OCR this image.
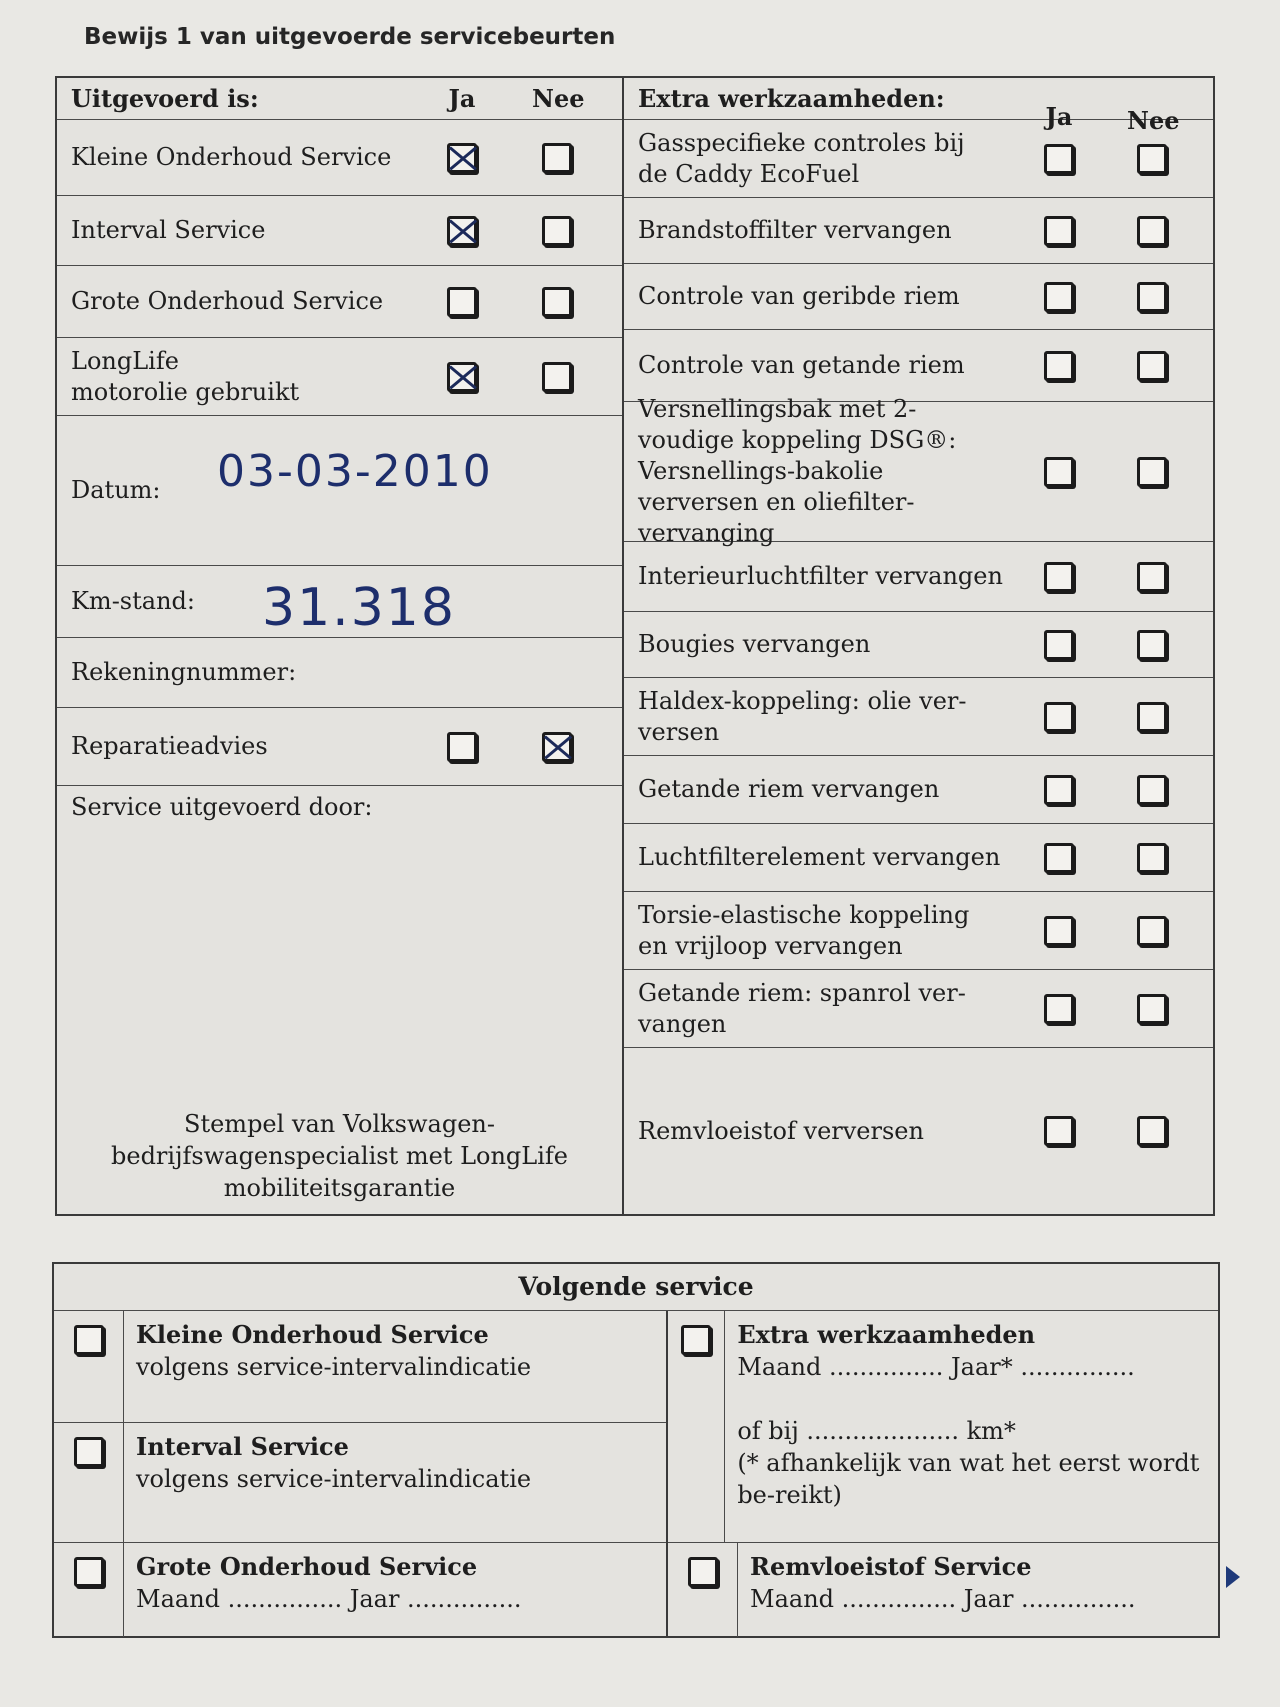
Bewijs 1 van uitgevoerde servicebeurten
Uitgevoerd is:	Ja	Nee
Kleine Onderhoud Service
Interval Service
Grote Onderhoud Service
LongLife motorolie gebruikt
Datum: 03-03-2010
Km-stand: 31.318
Rekeningnummer:
Reparatieadvies
Service uitgevoerd door:
Stempel van Volkswagen-bedrijfswagenspecialist met LongLife mobiliteitsgarantie
Extra werkzaamheden:
Ja	Nee
Gasspecifieke controles bij de Caddy EcoFuel
Brandstoffilter vervangen
Controle van geribde riem
Controle van getande riem
Versnellingsbak met 2-voudige koppeling DSG®: Versnellings-bakolie verversen en oliefilter-vervanging
Interieurluchtfilter vervangen
Bougies vervangen
Haldex-koppeling: olie ver-versen
Getande riem vervangen
Luchtfilterelement vervangen
Torsie-elastische koppeling en vrijloop vervangen
Getande riem: spanrol ver-vangen
Remvloeistof verversen
Volgende service
Kleine Onderhoud Service
volgens service-intervalindicatie
Interval Service
volgens service-intervalindicatie
Grote Onderhoud Service
Maand ............... Jaar ...............
Extra werkzaamheden
Maand ............... Jaar* ...............

of bij .................... km*
(* afhankelijk van wat het eerst wordt be-reikt)
Remvloeistof Service
Maand ............... Jaar ...............
